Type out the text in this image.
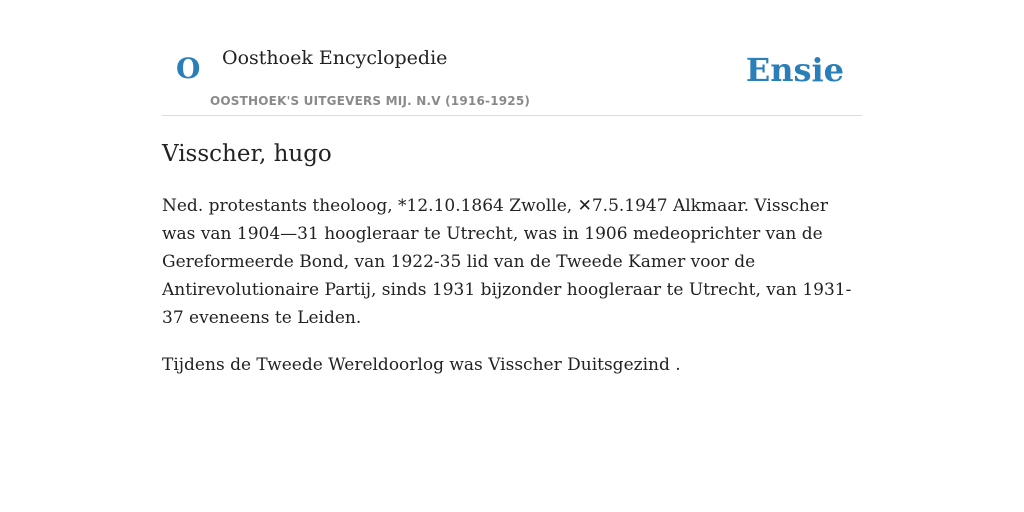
O Oosthoek Encyclopedie
OOSTHOEK'S UITGEVERS MIJ. N.V (1916-1925)
Ensie
Visscher, hugo

Ned. protestants theoloog, *12.10.1864 Zwolle, ✕7.5.1947 Alkmaar. Visscher was van 1904—31 hoogleraar te Utrecht, was in 1906 medeoprichter van de Gereformeerde Bond, van 1922-35 lid van de Tweede Kamer voor de Antirevolutionaire Partij, sinds 1931 bijzonder hoogleraar te Utrecht, van 1931-37 eveneens te Leiden.

Tijdens de Tweede Wereldoorlog was Visscher Duitsgezind .
